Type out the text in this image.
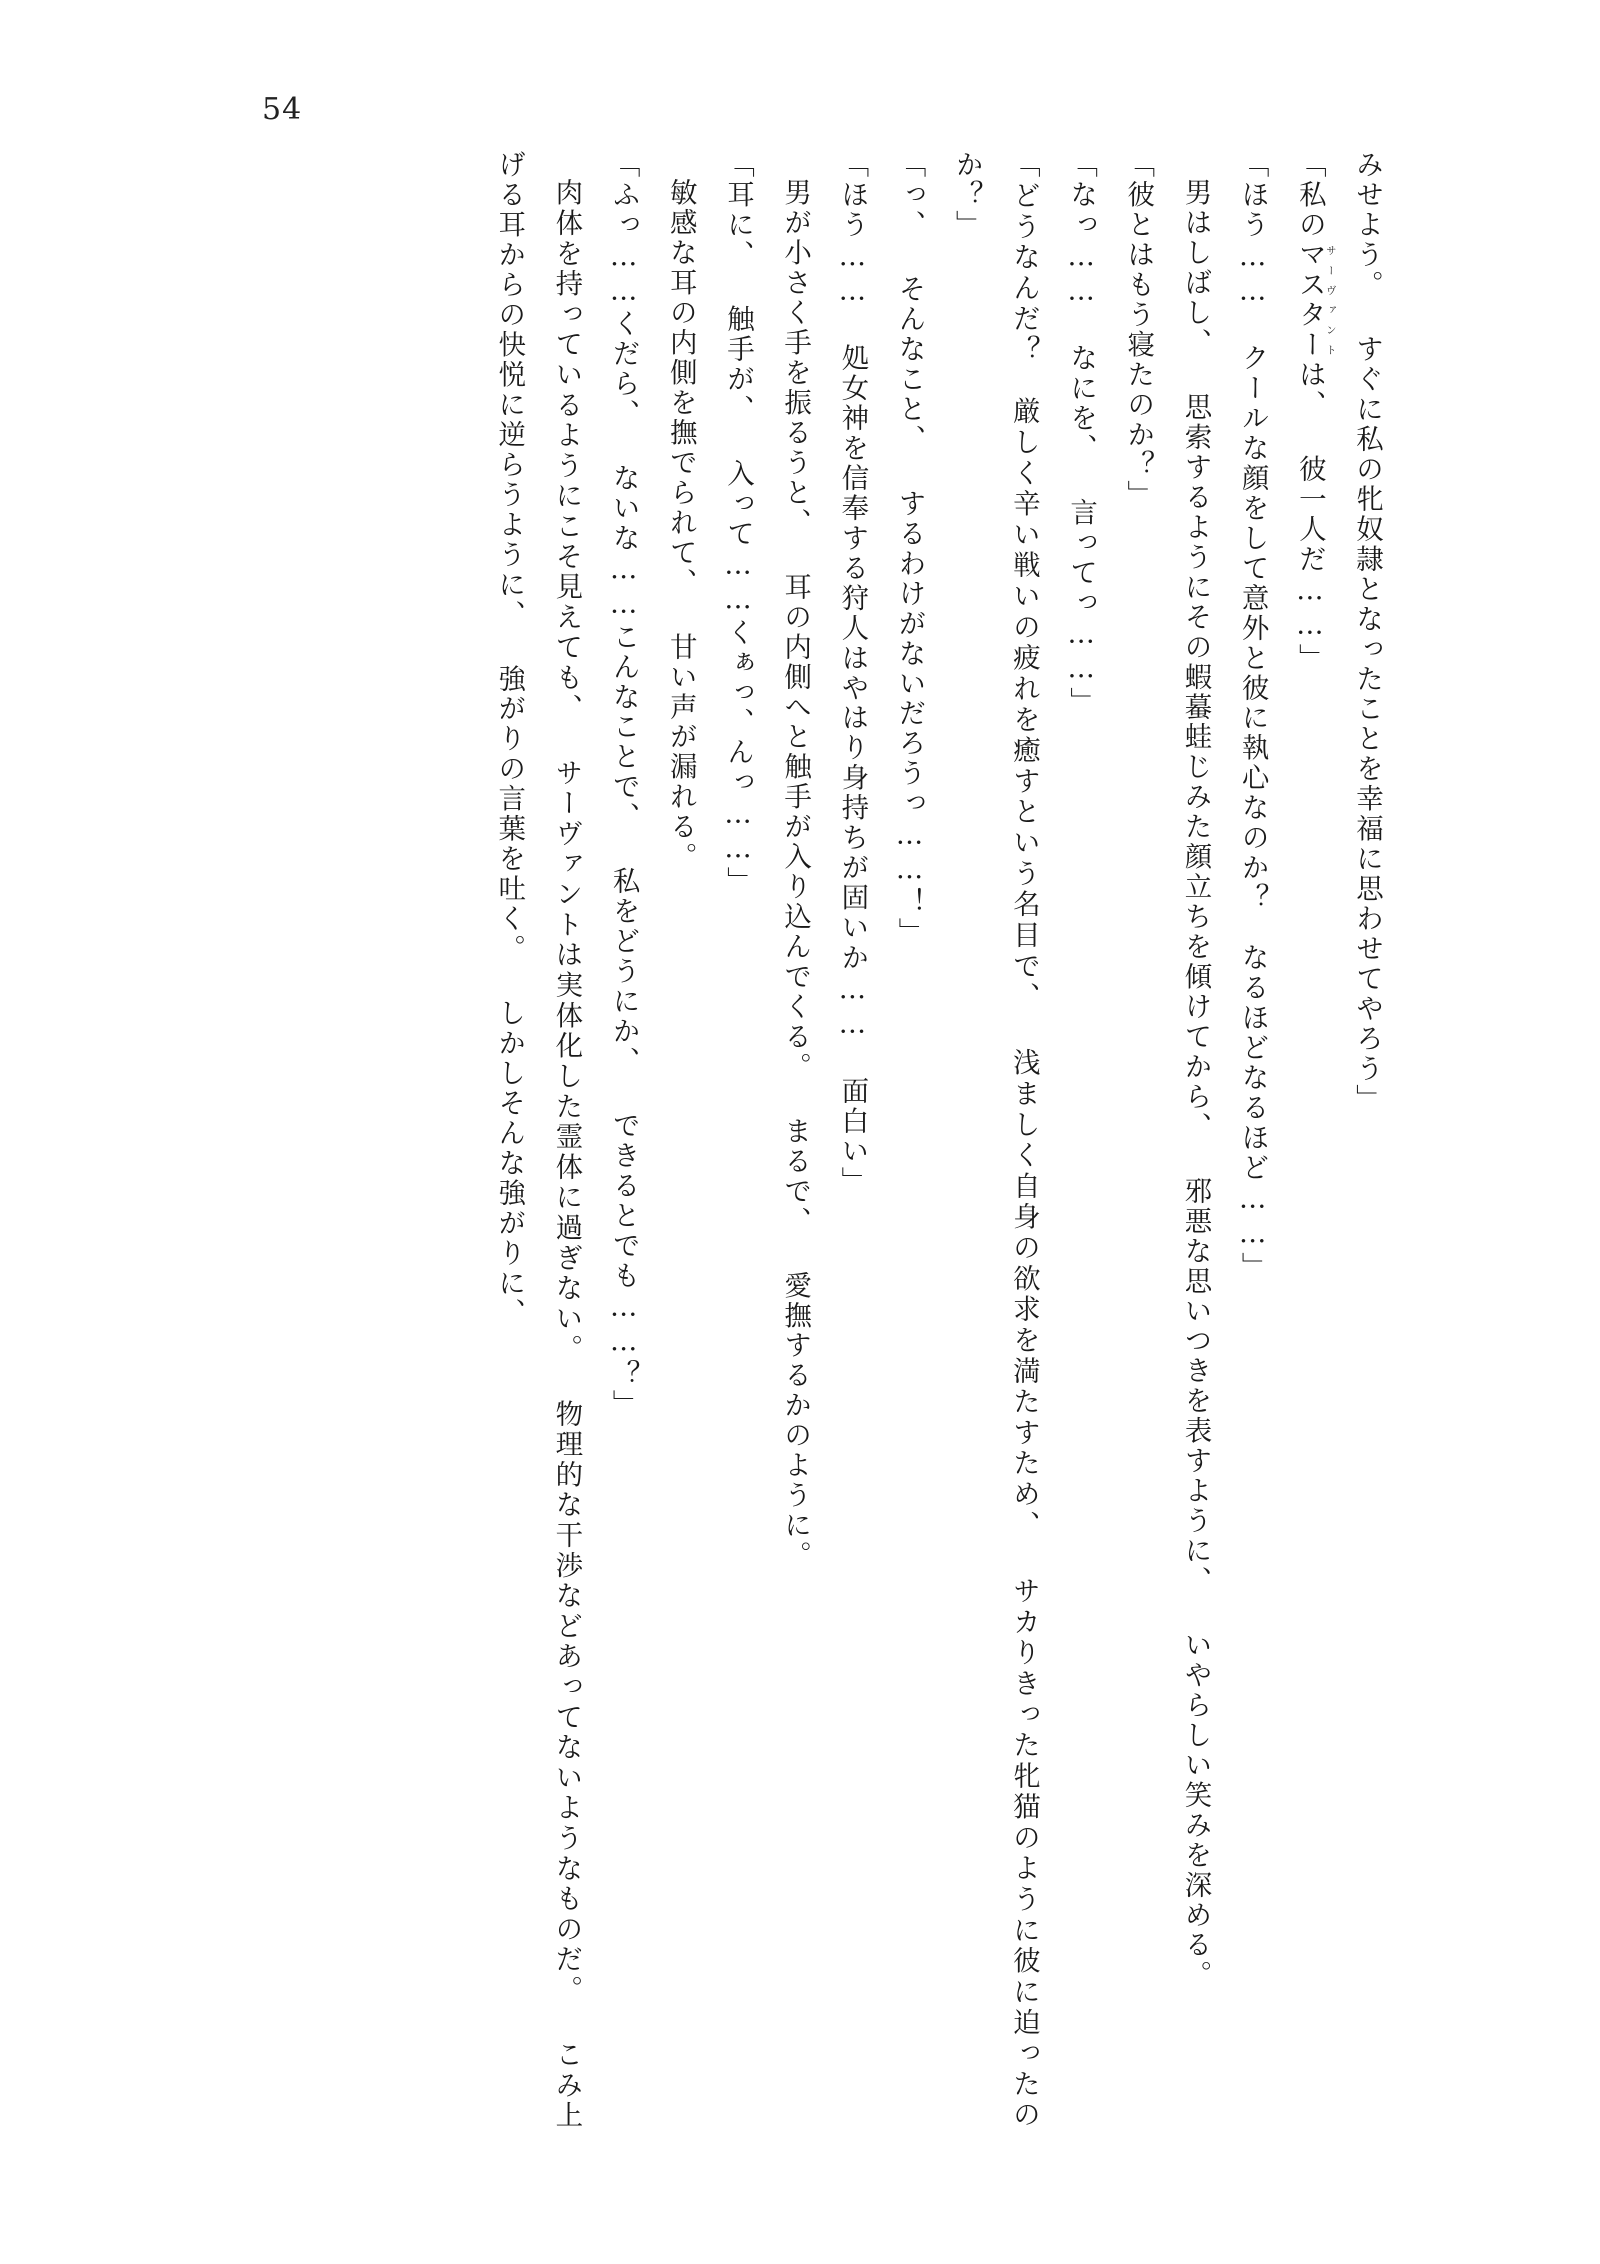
54

みせよう。 すぐに私の牝奴隷となったことを幸福に思わせてやろう」

「私のマスターサーヴァントは、 彼一人だ……」

「ほう…… クールな顔をして意外と彼に執心なのか？　なるほどなるほど……」

男はしばし、 思索するようにその蝦蟇蛙じみた顔立ちを傾けてから、 邪悪な思いつきを表すように、 いやらしい笑みを深める。

「彼とはもう寝たのか？」

「なっ…… なにを、 言ってっ……」

「どうなんだ？　厳しく辛い戦いの疲れを癒すという名目で、 浅ましく自身の欲求を満たすため、 サカりきった牝猫のように彼に迫ったのか？」

「っ、 そんなこと、 するわけがないだろうっ……！」

「ほう…… 処女神を信奉する狩人はやはり身持ちが固いか…… 面白い」

男が小さく手を振るうと、 耳の内側へと触手が入り込んでくる。 まるで、 愛撫するかのように。

「耳に、 触手が、 入って……くぁっ、んっ……」

敏感な耳の内側を撫でられて、 甘い声が漏れる。

「ふっ……くだら、 ないな……こんなことで、 私をどうにか、 できるとでも……？」

肉体を持っているようにこそ見えても、 サーヴァントは実体化した霊体に過ぎない。 物理的な干渉などあってないようなものだ。 こみ上げる耳からの快悦に逆らうように、 強がりの言葉を吐く。 しかしそんな強がりに、
